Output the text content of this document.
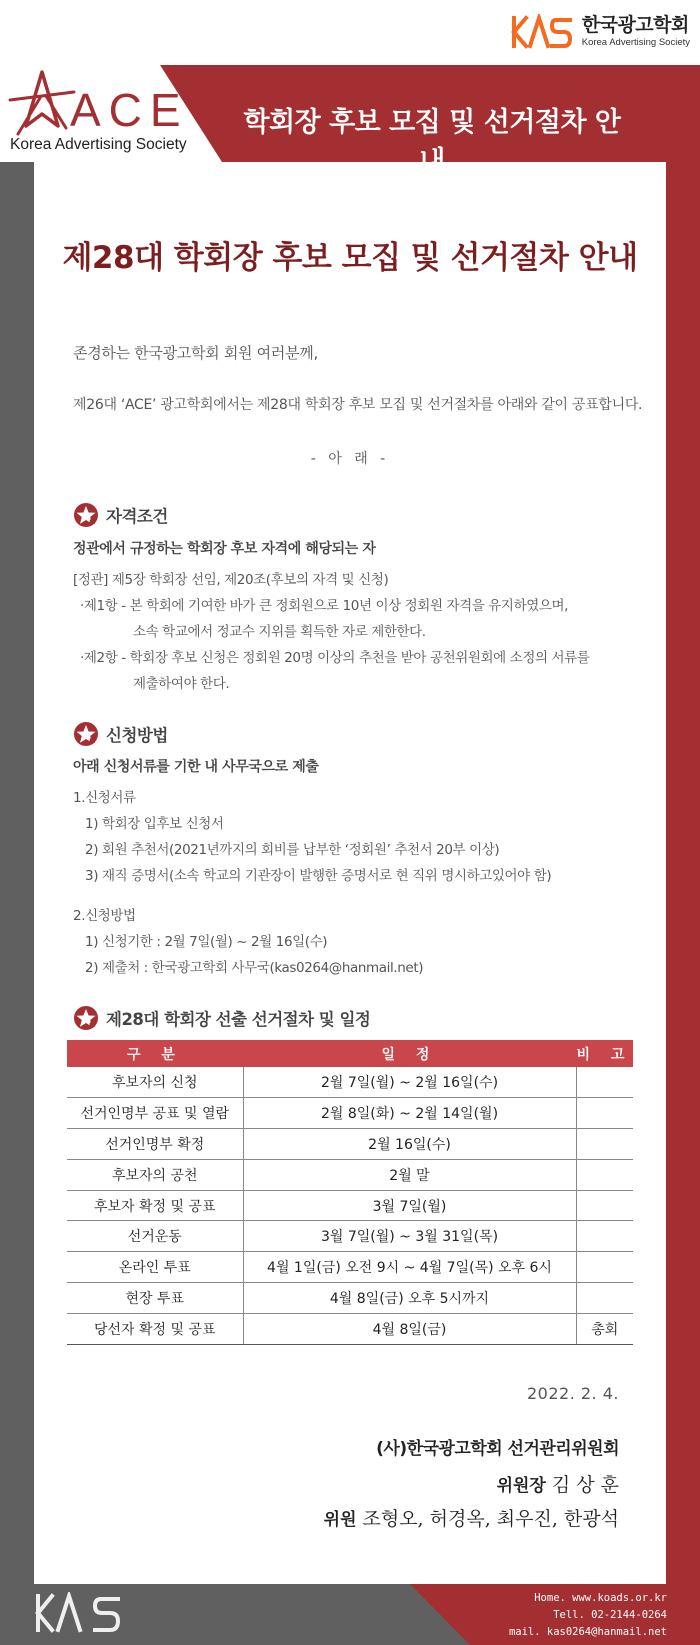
한국광고학회
Korea Advertising Society
ACE
Korea Advertising Society
학회장 후보 모집 및 선거절차 안
제28대 학회장 후보 모집 및 선거절차 안내
존경하는 한국광고학회 회원 여러분께,
제26대 ‘ACE’ 광고학회에서는 제28대 학회장 후보 모집 및 선거절차를 아래와 같이 공표합니다.
- 아 래 -
자격조건
정관에서 규정하는 학회장 후보 자격에 해당되는 자
[정관] 제5장 학회장 선임, 제20조(후보의 자격 및 신청)
·제1항 - 본 학회에 기여한 바가 큰 정회원으로 10년 이상 정회원 자격을 유지하였으며,
소속 학교에서 정교수 지위를 획득한 자로 제한한다.
·제2항 - 학회장 후보 신청은 정회원 20명 이상의 추천을 받아 공천위원회에 소정의 서류를
제출하여야 한다.
신청방법
아래 신청서류를 기한 내 사무국으로 제출
1.신청서류
1) 학회장 입후보 신청서
2) 회원 추천서(2021년까지의 회비를 납부한 ‘정회원’ 추천서 20부 이상)
3) 재직 증명서(소속 학교의 기관장이 발행한 증명서로 현 직위 명시하고있어야 함)
2.신청방법
1) 신청기한 : 2월 7일(월) ~ 2월 16일(수)
2) 제출처 : 한국광고학회 사무국(kas0264@hanmail.net)
제28대 학회장 선출 선거절차 및 일정
구 분	일 정	비 고
후보자의 신청	2월 7일(월) ~ 2월 16일(수)	
선거인명부 공표 및 열람	2월 8일(화) ~ 2월 14일(월)	
선거인명부 확정	2월 16일(수)	
후보자의 공천	2월 말	
후보자 확정 및 공표	3월 7일(월)	
선거운동	3월 7일(월) ~ 3월 31일(목)	
온라인 투표	4월 1일(금) 오전 9시 ~ 4월 7일(목) 오후 6시	
현장 투표	4월 8일(금) 오후 5시까지	
당선자 확정 및 공표	4월 8일(금)	총회
2022. 2. 4.
(사)한국광고학회 선거관리위원회
위원장 김 상 훈
위원 조형오, 허경옥, 최우진, 한광석
Home. www.koads.or.kr
Tell. 02-2144-0264
mail. kas0264@hanmail.net
